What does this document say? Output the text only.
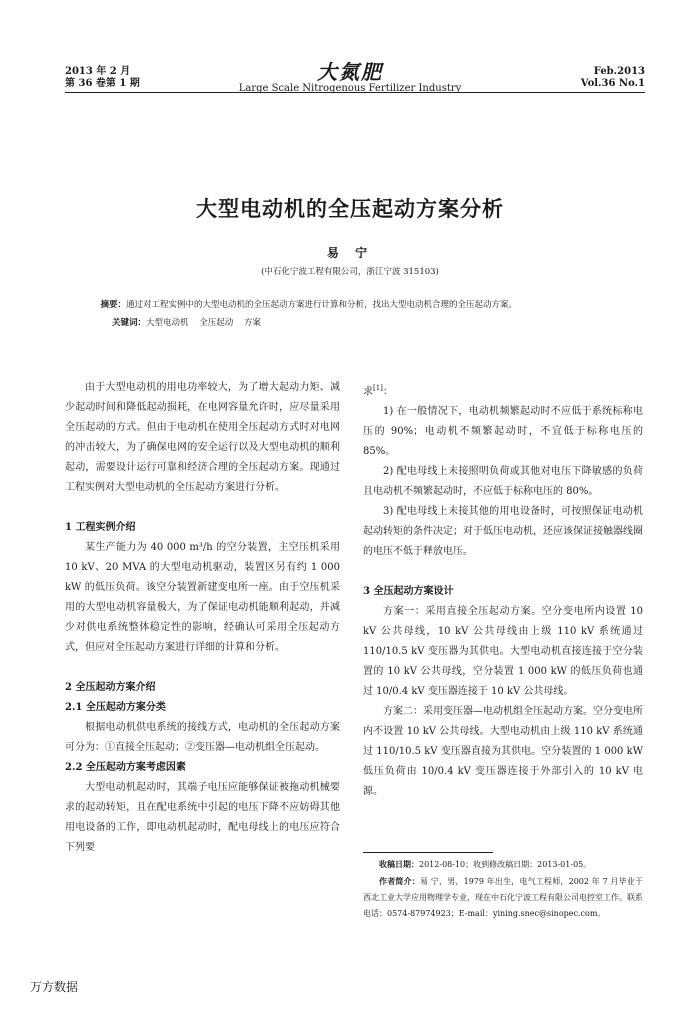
2013 年 2 月
第 36 卷第 1 期	大氮肥
Large Scale Nitrogenous Fertilizer Industry
Feb.2013
Vol.36 No.1
大型电动机的全压起动方案分析
易 宁
(中石化宁波工程有限公司，浙江宁波 315103)
摘要：通过对工程实例中的大型电动机的全压起动方案进行计算和分析，找出大型电动机合理的全压起动方案。
关键词：大型电动机 全压起动 方案

由于大型电动机的用电功率较大，为了增大起动力矩、减少起动时间和降低起动损耗，在电网容量允许时，应尽量采用全压起动的方式。但由于电动机在使用全压起动方式时对电网的冲击较大，为了确保电网的安全运行以及大型电动机的顺利起动，需要设计运行可靠和经济合理的全压起动方案。现通过工程实例对大型电动机的全压起动方案进行分析。

1 工程实例介绍

某生产能力为 40 000 m³/h 的空分装置，主空压机采用 10 kV、20 MVA 的大型电动机驱动，装置区另有约 1 000 kW 的低压负荷。该空分装置新建变电所一座。由于空压机采用的大型电动机容量极大，为了保证电动机能顺利起动，并减少对供电系统整体稳定性的影响，经确认可采用全压起动方式，但应对全压起动方案进行详细的计算和分析。

2 全压起动方案介绍
2.1 全压起动方案分类

根据电动机供电系统的接线方式，电动机的全压起动方案可分为：①直接全压起动；②变压器—电动机组全压起动。

2.2 全压起动方案考虑因素

大型电动机起动时，其端子电压应能够保证被拖动机械要求的起动转矩，且在配电系统中引起的电压下降不应妨碍其他用电设备的工作，即电动机起动时，配电母线上的电压应符合下列要

求[1]：

1) 在一般情况下，电动机频繁起动时不应低于系统标称电压的 90%；电动机不频繁起动时，不宜低于标称电压的 85%。

2) 配电母线上未接照明负荷或其他对电压下降敏感的负荷且电动机不频繁起动时，不应低于标称电压的 80%。

3) 配电母线上未接其他的用电设备时，可按照保证电动机起动转矩的条件决定；对于低压电动机，还应该保证接触器线圈的电压不低于释放电压。

3 全压起动方案设计

方案一：采用直接全压起动方案。空分变电所内设置 10 kV 公共母线，10 kV 公共母线由上级 110 kV 系统通过 110/10.5 kV 变压器为其供电。大型电动机直接连接于空分装置的 10 kV 公共母线，空分装置 1 000 kW 的低压负荷也通过 10/0.4 kV 变压器连接于 10 kV 公共母线。

方案二：采用变压器—电动机组全压起动方案。空分变电所内不设置 10 kV 公共母线。大型电动机由上级 110 kV 系统通过 110/10.5 kV 变压器直接为其供电。空分装置的 1 000 kW 低压负荷由 10/0.4 kV 变压器连接于外部引入的 10 kV 电源。

收稿日期：2012-08-10；收到修改稿日期：2013-01-05。

作者简介：易 宁，男，1979 年出生，电气工程师，2002 年 7 月毕业于西北工业大学应用物理学专业，现在中石化宁波工程有限公司电控室工作。联系电话：0574-87974923；E-mail：yining.snec@sinopec.com。

万方数据
